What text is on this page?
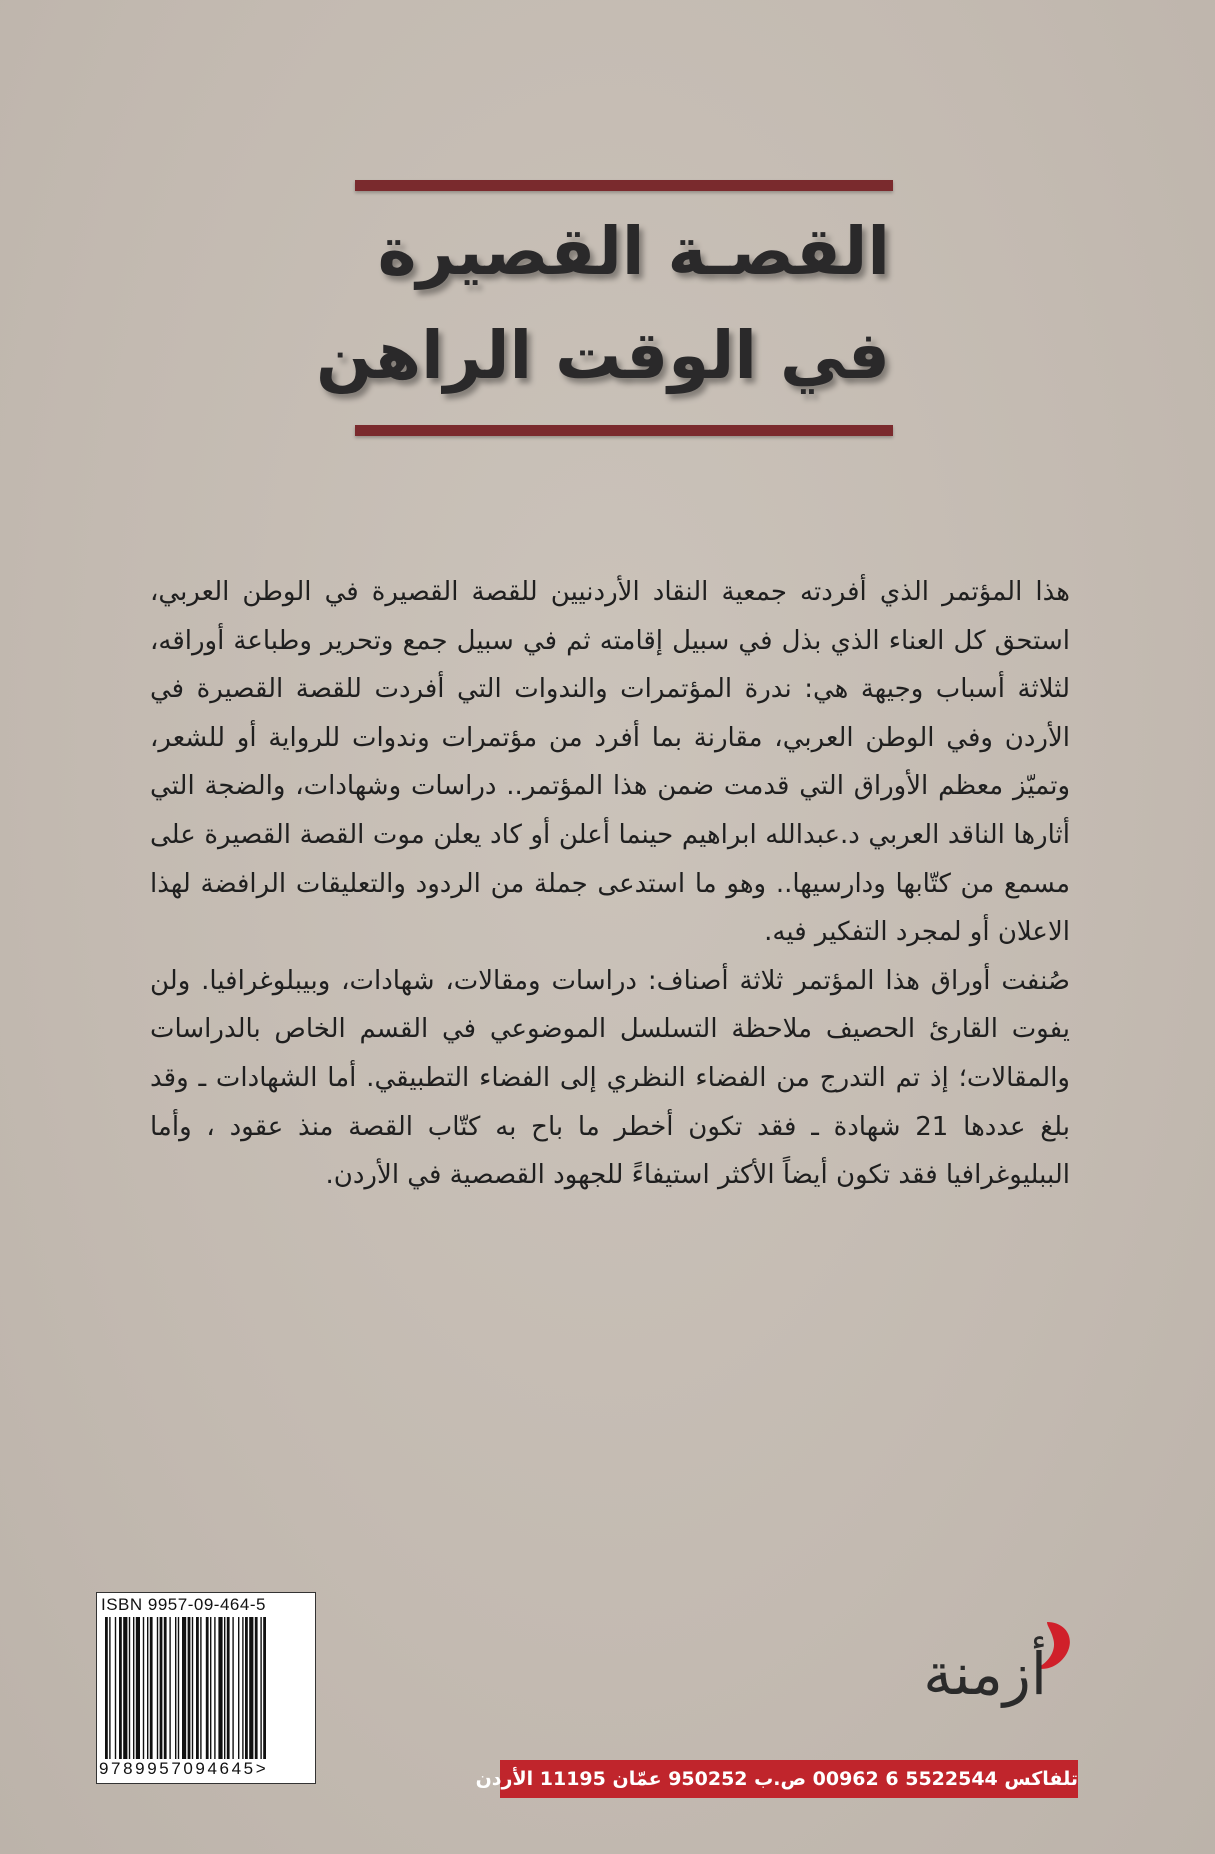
القصـة القصيرة
في الوقت الراهن

هذا المؤتمر الذي أفردته جمعية النقاد الأردنيين للقصة القصيرة في الوطن العربي، استحق كل العناء الذي بذل في سبيل إقامته ثم في سبيل جمع وتحرير وطباعة أوراقه، لثلاثة أسباب وجيهة هي: ندرة المؤتمرات والندوات التي أفردت للقصة القصيرة في الأردن وفي الوطن العربي، مقارنة بما أفرد من مؤتمرات وندوات للرواية أو للشعر، وتميّز معظم الأوراق التي قدمت ضمن هذا المؤتمر.. دراسات وشهادات، والضجة التي أثارها الناقد العربي د.عبدالله ابراهيم حينما أعلن أو كاد يعلن موت القصة القصيرة على مسمع من كتّابها ودارسيها.. وهو ما استدعى جملة من الردود والتعليقات الرافضة لهذا الاعلان أو لمجرد التفكير فيه.

صُنفت أوراق هذا المؤتمر ثلاثة أصناف: دراسات ومقالات، شهادات، وبيبلوغرافيا. ولن يفوت القارئ الحصيف ملاحظة التسلسل الموضوعي في القسم الخاص بالدراسات والمقالات؛ إذ تم التدرج من الفضاء النظري إلى الفضاء التطبيقي. أما الشهادات ـ وقد بلغ عددها 21 شهادة ـ فقد تكون أخطر ما باح به كتّاب القصة منذ عقود ، وأما الببليوغرافيا فقد تكون أيضاً الأكثر استيفاءً للجهود القصصية في الأردن.

ISBN 9957-09-464-5
9789957094645>
أزمنة
تلفاكس 5522544 6 00962 ص.ب 950252 عمّان 11195 الأردن
